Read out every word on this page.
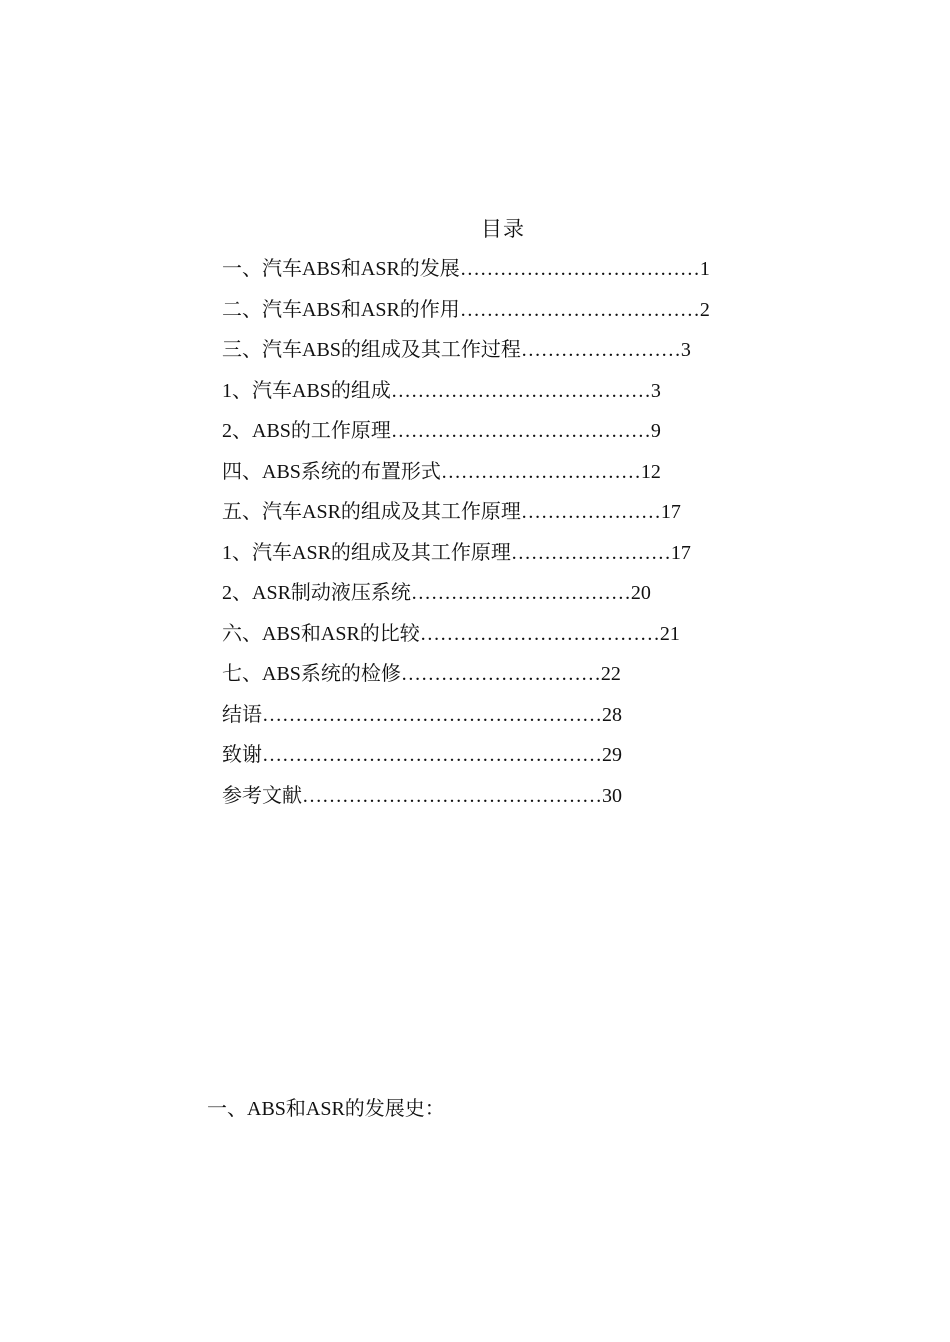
目录
一、汽车ABS和ASR的发展………………………………1
二、汽车ABS和ASR的作用………………………………2
三、汽车ABS的组成及其工作过程……………………3
1、汽车ABS的组成…………………………………3
2、ABS的工作原理…………………………………9
四、ABS系统的布置形式…………………………12
五、汽车ASR的组成及其工作原理…………………17
1、汽车ASR的组成及其工作原理……………………17
2、ASR制动液压系统……………………………20
六、ABS和ASR的比较………………………………21
七、ABS系统的检修…………………………22
结语……………………………………………28
致谢……………………………………………29
参考文献………………………………………30
一、ABS和ASR的发展史：
